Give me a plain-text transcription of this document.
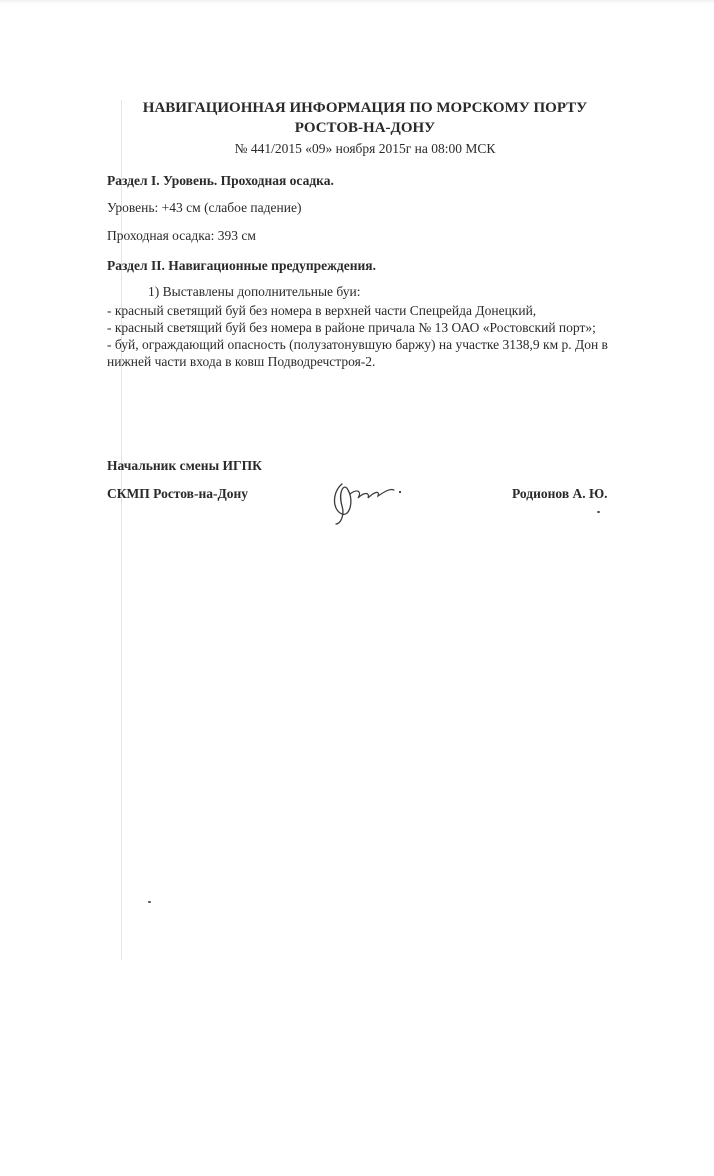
НАВИГАЦИОННАЯ ИНФОРМАЦИЯ ПО МОРСКОМУ ПОРТУ РОСТОВ-НА-ДОНУ
№ 441/2015 «09» ноября 2015г на 08:00 МСК
Раздел I. Уровень. Проходная осадка.
Уровень: +43 см (слабое падение)
Проходная осадка: 393 см
Раздел II. Навигационные предупреждения.
1) Выставлены дополнительные буи:
- красный светящий буй без номера в верхней части Спецрейда Донецкий,
- красный светящий буй без номера в районе причала № 13 ОАО «Ростовский порт»;
- буй, ограждающий опасность (полузатонувшую баржу) на участке 3138,9 км р. Дон в
нижней части входа в ковш Подводречстроя-2.
Начальник смены ИГПК
СКМП Ростов-на-Дону	Родионов А. Ю.
